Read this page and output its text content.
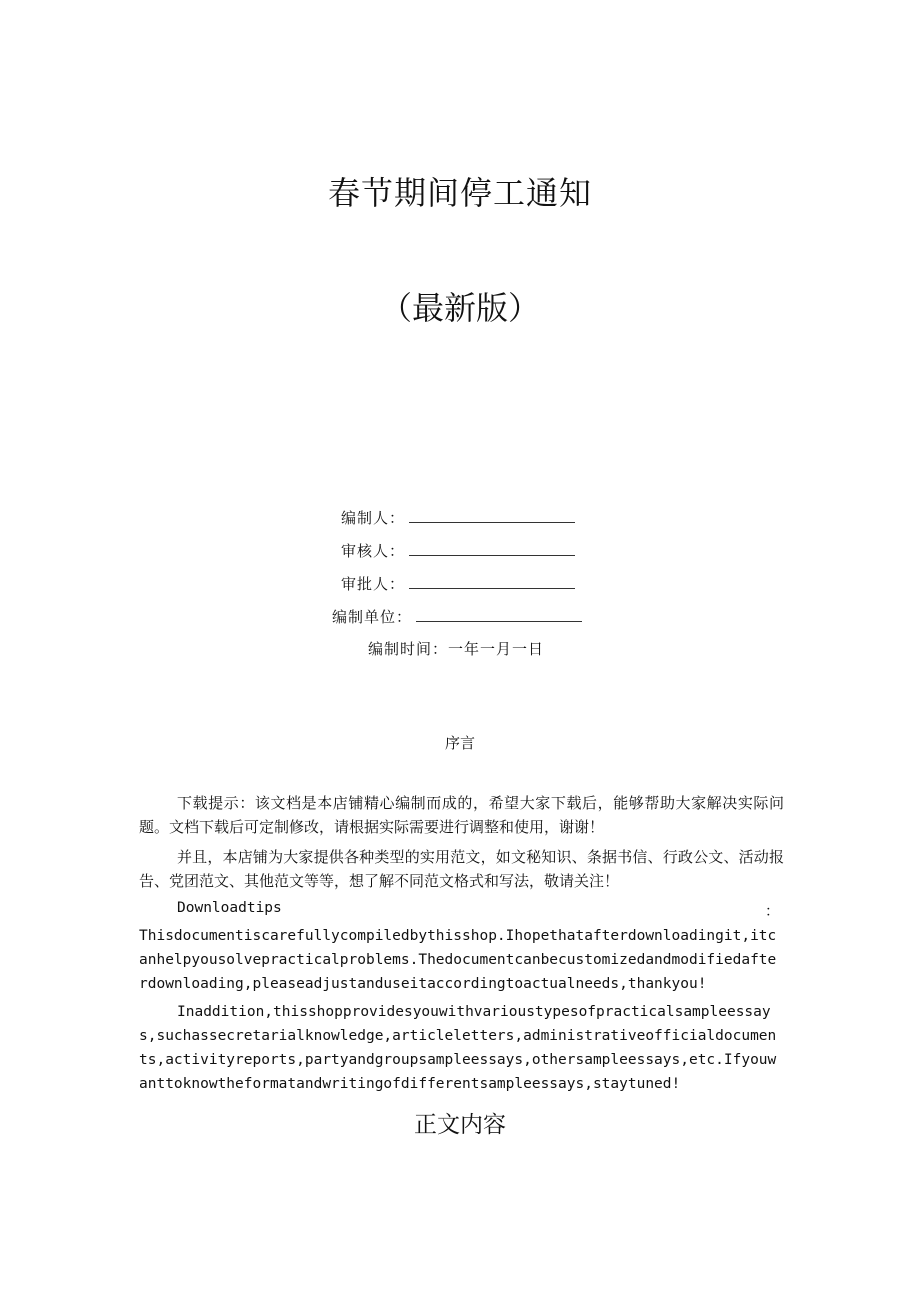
春节期间停工通知
（最新版）
编制人：
审核人：
审批人：
编制单位：
编制时间：一年一月一日
序言
下载提示：该文档是本店铺精心编制而成的，希望大家下载后，能够帮助大家解决实际问题。文档下载后可定制修改，请根据实际需要进行调整和使用，谢谢！
并且，本店铺为大家提供各种类型的实用范文，如文秘知识、条据书信、行政公文、活动报告、党团范文、其他范文等等，想了解不同范文格式和写法，敬请关注！
Downloadtips	：
Thisdocumentiscarefullycompiledbythisshop.Ihopethatafterdownloadingit,itcanhelpyousolvepracticalproblems.Thedocumentcanbecustomizedandmodifiedafterdownloading,pleaseadjustanduseitaccordingtoactualneeds,thankyou!
Inaddition,thisshopprovidesyouwithvarioustypesofpracticalsampleessays,suchassecretarialknowledge,articleletters,administrativeofficialdocuments,activityreports,partyandgroupsampleessays,othersampleessays,etc.Ifyouwanttoknowtheformatandwritingofdifferentsampleessays,staytuned!
正文内容
